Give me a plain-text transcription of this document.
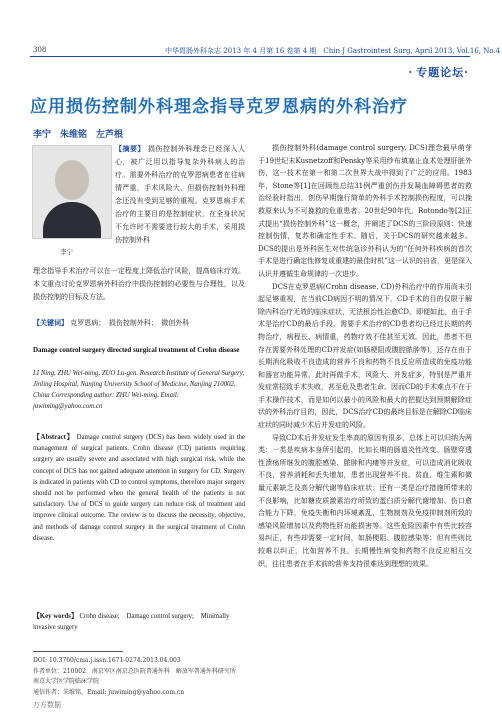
308	中华胃肠外科杂志 2013 年 4 月第 16 卷第 4 期　Chin J Gastrointest Surg, April 2013, Vol.16, No.4
· 专题论坛·
应用损伤控制外科理念指导克罗恩病的外科治疗
李宁　朱维铭　左芦根
李宁
【摘要】 损伤控制外科理念已经深入人心，被广泛用以指导复杂外科病人的治疗。需要外科治疗的克罗恩病患者在往病情严重，手术风险大，但损伤控制外科理念还没有受到足够的重视。克罗恩病手术治疗的主要目的是控制症状，在全身状况不允许时不需要进行较大的手术，采用损伤控制外科
理念指导手术治疗可以在一定程度上降低治疗风险，提高临床疗效。本文重点讨论克罗恩病外科治疗中损伤控制的必要性与合理性，以及损伤控制的目标及方法。
【关键词】 克罗恩病；　损伤控制外科；　微创外科
Damage control surgery directed surgical treatment of Crohn disease
LI Ning, ZHU Wei-ming, ZUO Lu-gen. Research Institute of General Surgery, Jinling Hospital, Nanjing University School of Medicine, Nanjing 210002, China Corresponding author: ZHU Wei-ming, Email: juwiming@yahoo.com.cn
【Abstract】 Damage control surgery (DCS) has been widely used in the management of surgical patients. Crohn disease (CD) patients requiring surgery are usually severe and associated with high surgical risk, while the concept of DCS has not gained adequate attention in surgery for CD. Surgery is indicated in patients with CD to control symptoms, therefore major surgery should not be performed when the general health of the patients is not satisfactory. Use of DCS to guide surgery can reduce risk of treatment and improve clinical outcome. The review is to discuss the necessity, objective, and methods of damage control surgery in the surgical treatment of Crohn disease.
【Key words】 Crohn disease;　Damage control surgery;　Minimally invasive surgery
DOI: 10.3760/cma.j.issn.1671-0274.2013.04.003
作者单位：210002　南京军区南京总医院普通外科　解放军普通外科研究所　南京大学医学院临床学院
通信作者：朱维铭，Email: juwiming@yahoo.com.cn

损伤控制外科(damage control surgery, DCS)理念最早萌芽于19世纪末Kusnetzoff和Pensky等采用纱布填塞止血术处理肝脏外伤，这一技术在第一和第二次世界大战中得到了广泛的应用。1983年，Stone等[1]在回顾性总结31例严重创伤并发凝血障碍患者的救治经验时指出，创伤早期施行简单的外科手术控制损伤程度，可以挽救原来认为不可挽救的危重患者。20世纪90年代，Rotondo等[2]正式提出“损伤控制外科”这一概念，并阐述了DCS的三阶段原则：快速控制伤情，复苏和确定性手术。随后，关于DCS的研究越来越多。DCS的提出是外科医生对传统急诊外科认为的“任何外科疾病的首次手术是进行确定性修复或重建的最佳时机”这一认识的自省，更是深入认识并遵循生命规律的一次进步。

DCS在克罗恩病(Crohn disease, CD)外科治疗中的作用尚未引起足够重视，在当前CD病因不明的情况下，CD手术的目的仅限于解除内科治疗无效的临床症状，无法根治性治愈CD。即便如此，由于手术是治疗CD的最后手段，需要手术治疗的CD患者均已经过长期的药物治疗，病程长、病情重，药物疗效不佳甚至无效。因此，患者不但存在需要外科处理的CD并发症(如肠梗阻或腹腔脓肿等)，还存在由于长期消化吸收不良造成的营养不良和药物不良反应所造成的免疫功能和器官功能异常，此时再做手术，风险大、并发症多，特别是严重并发症常招致手术失败，甚至危及患者生命。因而CD的手术难点不在于手术操作技术，而是如何以最小的风险和最大的把握达到预期解除症状的外科治疗目的，因此，DCS治疗CD的最终目标是在解除CD临床症状的同时减少术后并发症的风险。

导致CD术后并发症发生率高的原因有很多，总体上可以归纳为两类：一类是疾病本身所引起的，比如长期的肠道炎性改变、肠壁穿透性溃疡所继发的腹腔感染、脓肿和内瘘等并发症，可以造成消化吸收不良，营养消耗和丢失增加，患者出现营养不良、贫血、维生素和微量元素缺乏及高分解代谢等临床症状；还有一类是治疗措施所带来的不良影响，比如糖皮质激素治疗所致的蛋白质分解代谢增加、伤口愈合能力下降，免疫失衡和内环境紊乱，生物制剂及免疫抑制剂所致的感染风险增加以及药物性肝功能损害等。这些危险因素中有些比较容易纠正，有些却需要一定时间，如肠梗阻、腹腔感染等；但有些则比较难以纠正，比如营养不良，长期慢性病变和药物不良反应相互交织，往往患者在手术前的营养支持很难达到理想的效果。

万方数据
